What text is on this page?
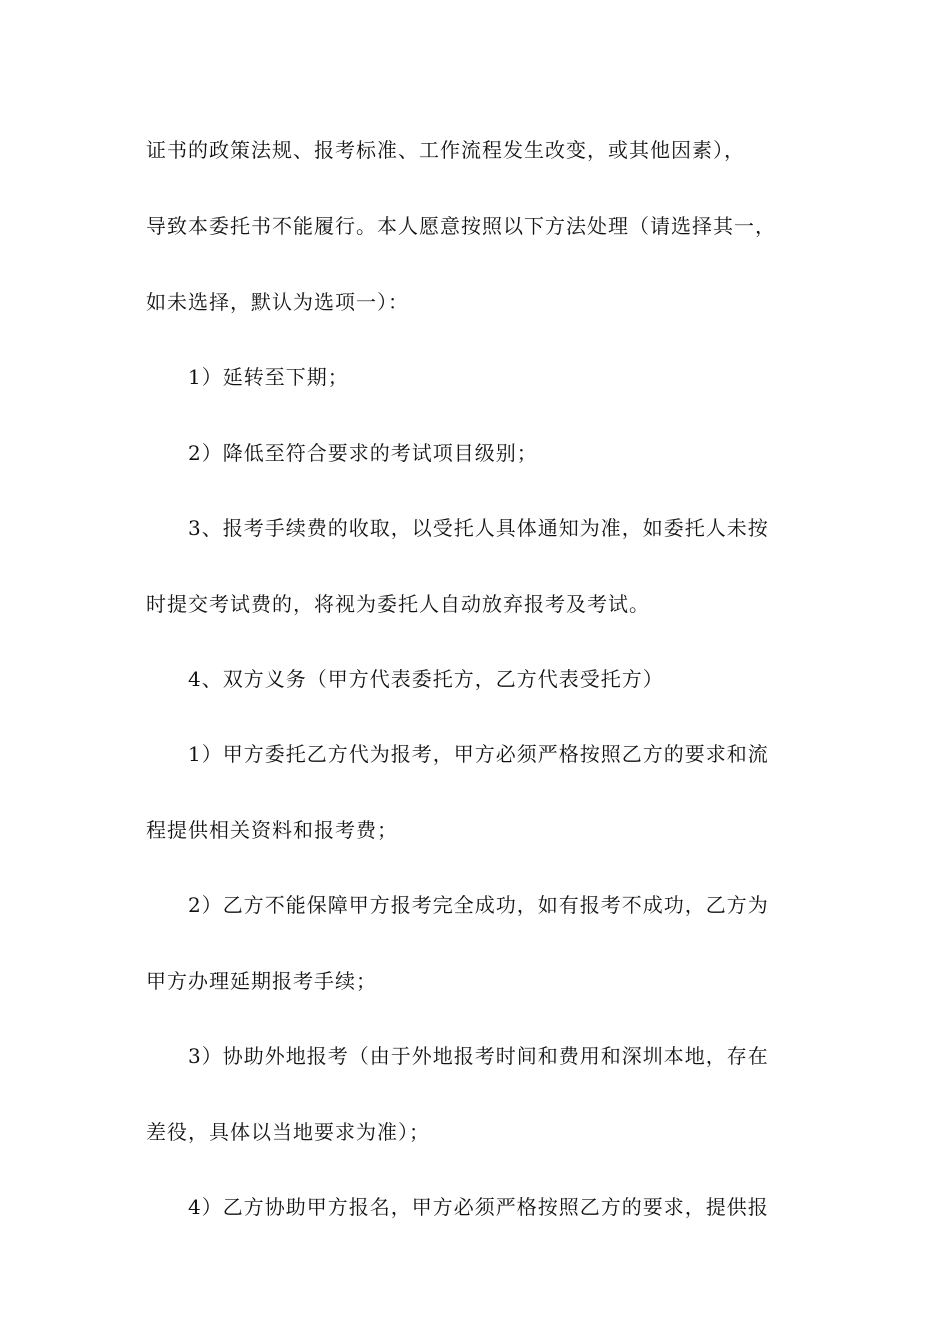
证书的政策法规、报考标准、工作流程发生改变，或其他因素），
导致本委托书不能履行。本人愿意按照以下方法处理（请选择其一，
如未选择，默认为选项一）：
1）延转至下期；
2）降低至符合要求的考试项目级别；
3、报考手续费的收取，以受托人具体通知为准，如委托人未按
时提交考试费的，将视为委托人自动放弃报考及考试。
4、双方义务（甲方代表委托方，乙方代表受托方）
1）甲方委托乙方代为报考，甲方必须严格按照乙方的要求和流
程提供相关资料和报考费；
2）乙方不能保障甲方报考完全成功，如有报考不成功，乙方为
甲方办理延期报考手续；
3）协助外地报考（由于外地报考时间和费用和深圳本地，存在
差役，具体以当地要求为准）；
4）乙方协助甲方报名，甲方必须严格按照乙方的要求，提供报
